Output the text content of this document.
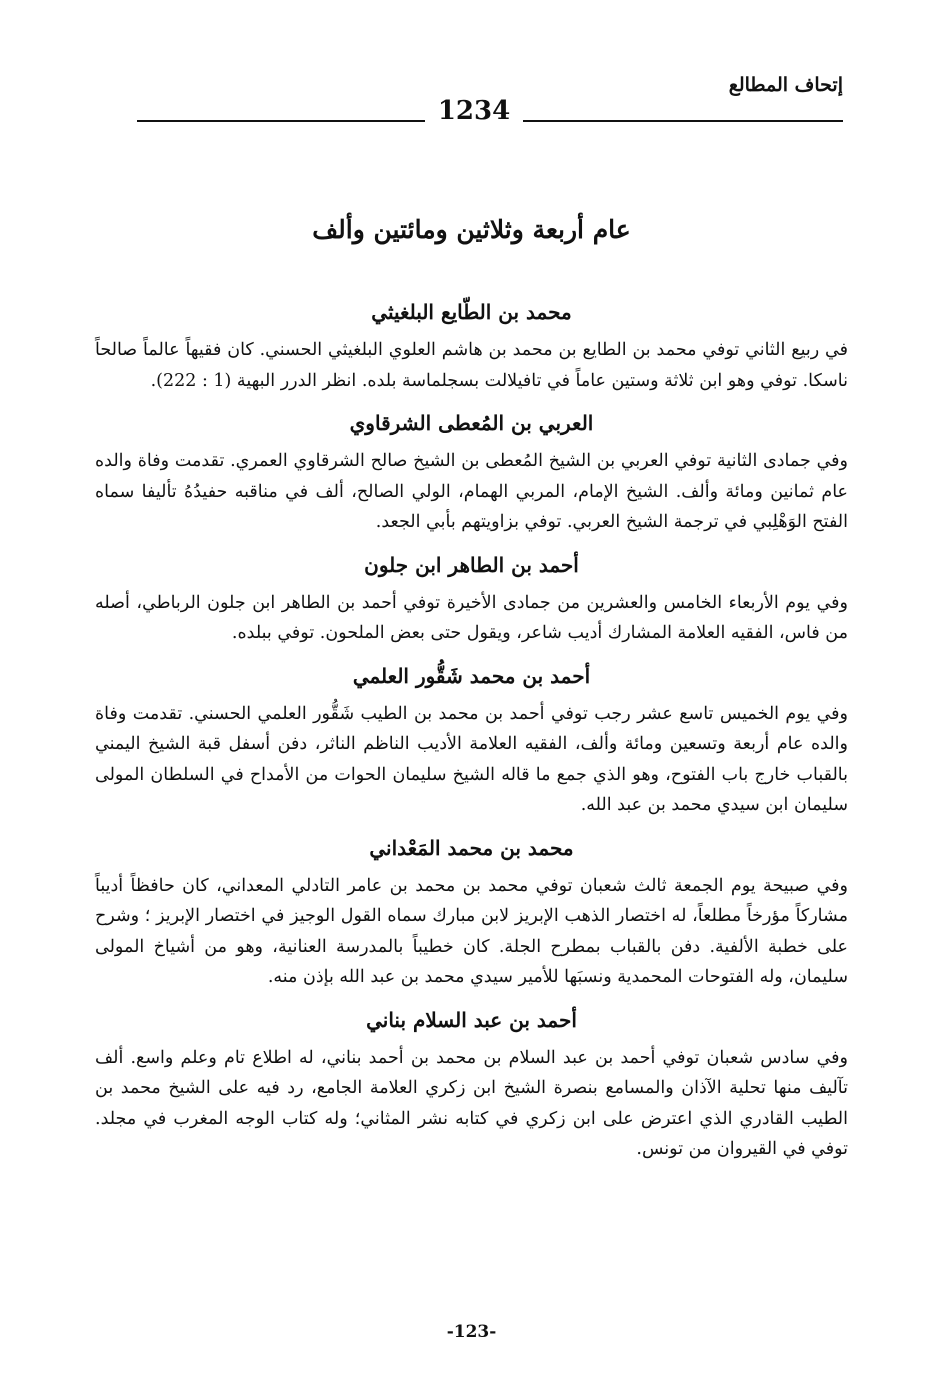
إتحاف المطالع
1234
عام أربعة وثلاثين ومائتين وألف
محمد بن الطّايع البلغيثي
في ربيع الثاني توفي محمد بن الطايع بن محمد بن هاشم العلوي البلغيثي الحسني. كان فقيهاً عالماً صالحاً ناسكا. توفي وهو ابن ثلاثة وستين عاماً في تافيلالت بسجلماسة بلده. انظر الدرر البهية (1 : 222).
العربي بن المُعطى الشرقاوي
وفي جمادى الثانية توفي العربي بن الشيخ المُعطى بن الشيخ صالح الشرقاوي العمري. تقدمت وفاة والده عام ثمانين ومائة وألف. الشيخ الإمام، المربي الهمام، الولي الصالح، ألف في مناقبه حفيدُهُ تأليفا سماه الفتح الوَهْلِبي في ترجمة الشيخ العربي. توفي بزاويتهم بأبي الجعد.
أحمد بن الطاهر ابن جلون
وفي يوم الأربعاء الخامس والعشرين من جمادى الأخيرة توفي أحمد بن الطاهر ابن جلون الرباطي، أصله من فاس، الفقيه العلامة المشارك أديب شاعر، ويقول حتى بعض الملحون. توفي ببلده.
أحمد بن محمد شَقُّور العلمي
وفي يوم الخميس تاسع عشر رجب توفي أحمد بن محمد بن الطيب شَقُّور العلمي الحسني. تقدمت وفاة والده عام أربعة وتسعين ومائة وألف، الفقيه العلامة الأديب الناظم الناثر، دفن أسفل قبة الشيخ اليمني بالقباب خارج باب الفتوح، وهو الذي جمع ما قاله الشيخ سليمان الحوات من الأمداح في السلطان المولى سليمان ابن سيدي محمد بن عبد الله.
محمد بن محمد المَعْداني
وفي صبيحة يوم الجمعة ثالث شعبان توفي محمد بن محمد بن عامر التادلي المعداني، كان حافظاً أديباً مشاركاً مؤرخاً مطلعاً، له اختصار الذهب الإبريز لابن مبارك سماه القول الوجيز في اختصار الإبريز ؛ وشرح على خطبة الألفية. دفن بالقباب بمطرح الجلة. كان خطيباً بالمدرسة العنانية، وهو من أشياخ المولى سليمان، وله الفتوحات المحمدية ونسبَها للأمير سيدي محمد بن عبد الله بإذن منه.
أحمد بن عبد السلام بناني
وفي سادس شعبان توفي أحمد بن عبد السلام بن محمد بن أحمد بناني، له اطلاع تام وعلم واسع. ألف تآليف منها تحلية الآذان والمسامع بنصرة الشيخ ابن زكري العلامة الجامع، رد فيه على الشيخ محمد بن الطيب القادري الذي اعترض على ابن زكري في كتابه نشر المثاني؛ وله كتاب الوجه المغرب في مجلد. توفي في القيروان من تونس.
-123-
